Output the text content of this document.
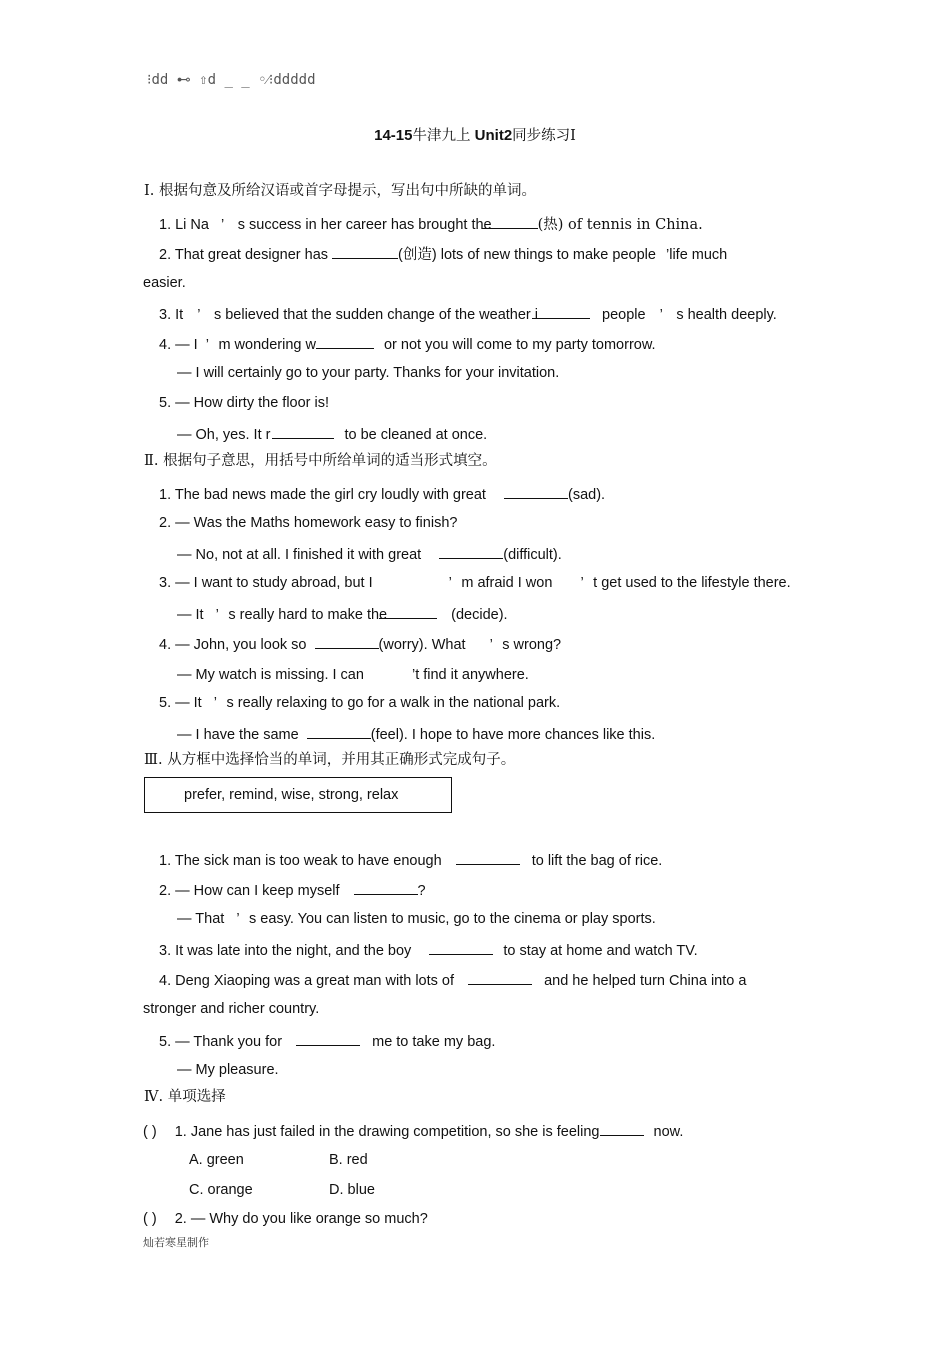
⁝dd ⊷ ⇧d ̲ ̲ ◦⁄⁝ddddd
14-15牛津九上 Unit2同步练习Ⅰ
Ⅰ. 根据句意及所给汉语或首字母提示，写出句中所缺的单词。
1. Li Na ’ s success in her career has brought the	(热) of tennis in China.
2. That great designer has	(创造) lots of new things to make people ’life much
easier.
3. It ’ s believed that the sudden change of the weather i	people ’ s health deeply.
4. — I ’ m wondering w	or not you will come to my party tomorrow.
— I will certainly go to your party. Thanks for your invitation.
5. — How dirty the floor is!
— Oh, yes. It r	to be cleaned at once.
Ⅱ. 根据句子意思，用括号中所给单词的适当形式填空。
1. The bad news made the girl cry loudly with great	(sad).
2. — Was the Maths homework easy to finish?
— No, not at all. I finished it with great	(difficult).
3. — I want to study abroad, but I	’ m afraid I won ’ t get used to the lifestyle there.
— It ’ s really hard to make the	(decide).
4. — John, you look so	(worry). What ’ s wrong?
— My watch is missing. I can	’t find it anywhere.
5. — It ’ s really relaxing to go for a walk in the national park.
— I have the same	(feel). I hope to have more chances like this.
Ⅲ. 从方框中选择恰当的单词，并用其正确形式完成句子。
prefer, remind, wise, strong, relax
1. The sick man is too weak to have enough	to lift the bag of rice.
2. — How can I keep myself	?
— That ’ s easy. You can listen to music, go to the cinema or play sports.
3. It was late into the night, and the boy	to stay at home and watch TV.
4. Deng Xiaoping was a great man with lots of	and he helped turn China into a
stronger and richer country.
5. — Thank you for	me to take my bag.
— My pleasure.
Ⅳ. 单项选择
( ) 1. Jane has just failed in the drawing competition, so she is feeling	now.
A. green	B. red
C. orange	D. blue
( ) 2. — Why do you like orange so much?
灿若寒星制作
